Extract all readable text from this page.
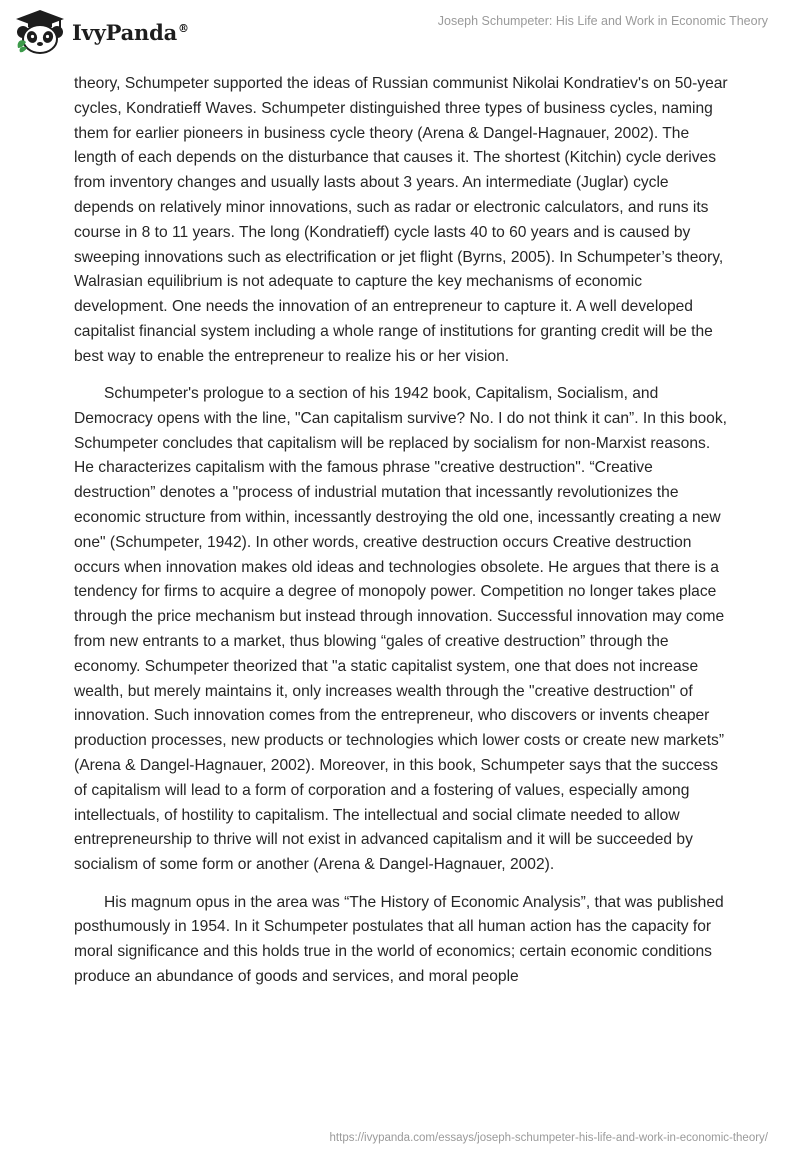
IvyPanda®	Joseph Schumpeter: His Life and Work in Economic Theory

theory, Schumpeter supported the ideas of Russian communist Nikolai Kondratiev's on 50-year cycles, Kondratieff Waves. Schumpeter distinguished three types of business cycles, naming them for earlier pioneers in business cycle theory (Arena & Dangel-Hagnauer, 2002). The length of each depends on the disturbance that causes it. The shortest (Kitchin) cycle derives from inventory changes and usually lasts about 3 years. An intermediate (Juglar) cycle depends on relatively minor innovations, such as radar or electronic calculators, and runs its course in 8 to 11 years. The long (Kondratieff) cycle lasts 40 to 60 years and is caused by sweeping innovations such as electrification or jet flight (Byrns, 2005). In Schumpeter’s theory, Walrasian equilibrium is not adequate to capture the key mechanisms of economic development. One needs the innovation of an entrepreneur to capture it. A well developed capitalist financial system including a whole range of institutions for granting credit will be the best way to enable the entrepreneur to realize his or her vision.

Schumpeter's prologue to a section of his 1942 book, Capitalism, Socialism, and Democracy opens with the line, "Can capitalism survive? No. I do not think it can”. In this book, Schumpeter concludes that capitalism will be replaced by socialism for non-Marxist reasons. He characterizes capitalism with the famous phrase "creative destruction". “Creative destruction” denotes a "process of industrial mutation that incessantly revolutionizes the economic structure from within, incessantly destroying the old one, incessantly creating a new one" (Schumpeter, 1942). In other words, creative destruction occurs Creative destruction occurs when innovation makes old ideas and technologies obsolete. He argues that there is a tendency for firms to acquire a degree of monopoly power. Competition no longer takes place through the price mechanism but instead through innovation. Successful innovation may come from new entrants to a market, thus blowing “gales of creative destruction” through the economy. Schumpeter theorized that "a static capitalist system, one that does not increase wealth, but merely maintains it, only increases wealth through the "creative destruction" of innovation. Such innovation comes from the entrepreneur, who discovers or invents cheaper production processes, new products or technologies which lower costs or create new markets” (Arena & Dangel-Hagnauer, 2002). Moreover, in this book, Schumpeter says that the success of capitalism will lead to a form of corporation and a fostering of values, especially among intellectuals, of hostility to capitalism. The intellectual and social climate needed to allow entrepreneurship to thrive will not exist in advanced capitalism and it will be succeeded by socialism of some form or another (Arena & Dangel-Hagnauer, 2002).

His magnum opus in the area was “The History of Economic Analysis”, that was published posthumously in 1954. In it Schumpeter postulates that all human action has the capacity for moral significance and this holds true in the world of economics; certain economic conditions produce an abundance of goods and services, and moral people

https://ivypanda.com/essays/joseph-schumpeter-his-life-and-work-in-economic-theory/
